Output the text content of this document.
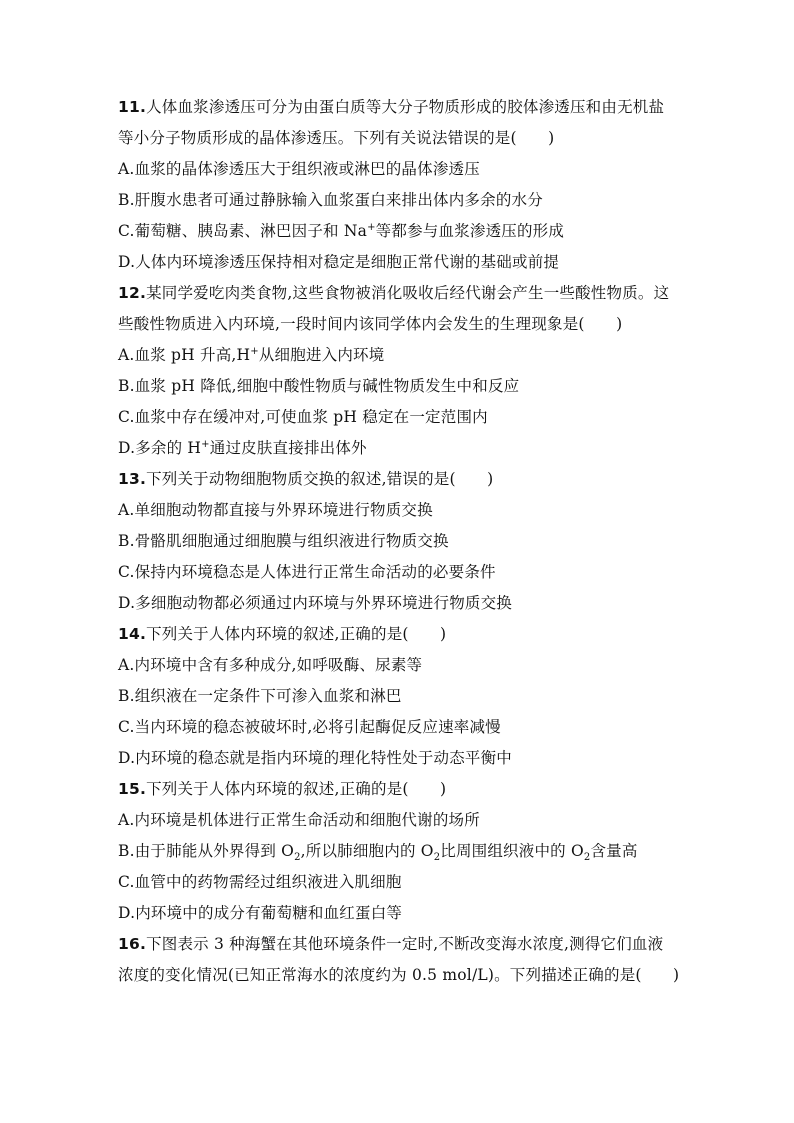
11.人体血浆渗透压可分为由蛋白质等大分子物质形成的胶体渗透压和由无机盐
等小分子物质形成的晶体渗透压。下列有关说法错误的是(　　)
A.血浆的晶体渗透压大于组织液或淋巴的晶体渗透压
B.肝腹水患者可通过静脉输入血浆蛋白来排出体内多余的水分
C.葡萄糖、胰岛素、淋巴因子和 Na+等都参与血浆渗透压的形成
D.人体内环境渗透压保持相对稳定是细胞正常代谢的基础或前提
12.某同学爱吃肉类食物,这些食物被消化吸收后经代谢会产生一些酸性物质。这
些酸性物质进入内环境,一段时间内该同学体内会发生的生理现象是(　　)
A.血浆 pH 升高,H+从细胞进入内环境
B.血浆 pH 降低,细胞中酸性物质与碱性物质发生中和反应
C.血浆中存在缓冲对,可使血浆 pH 稳定在一定范围内
D.多余的 H+通过皮肤直接排出体外
13.下列关于动物细胞物质交换的叙述,错误的是(　　)
A.单细胞动物都直接与外界环境进行物质交换
B.骨骼肌细胞通过细胞膜与组织液进行物质交换
C.保持内环境稳态是人体进行正常生命活动的必要条件
D.多细胞动物都必须通过内环境与外界环境进行物质交换
14.下列关于人体内环境的叙述,正确的是(　　)
A.内环境中含有多种成分,如呼吸酶、尿素等
B.组织液在一定条件下可渗入血浆和淋巴
C.当内环境的稳态被破坏时,必将引起酶促反应速率减慢
D.内环境的稳态就是指内环境的理化特性处于动态平衡中
15.下列关于人体内环境的叙述,正确的是(　　)
A.内环境是机体进行正常生命活动和细胞代谢的场所
B.由于肺能从外界得到 $O_2$,所以肺细胞内的 $O_2$比周围组织液中的 $O_2$含量高
C.血管中的药物需经过组织液进入肌细胞
D.内环境中的成分有葡萄糖和血红蛋白等
16.下图表示 3 种海蟹在其他环境条件一定时,不断改变海水浓度,测得它们血液
浓度的变化情况(已知正常海水的浓度约为 0.5 mol/L)。下列描述正确的是(　　)
